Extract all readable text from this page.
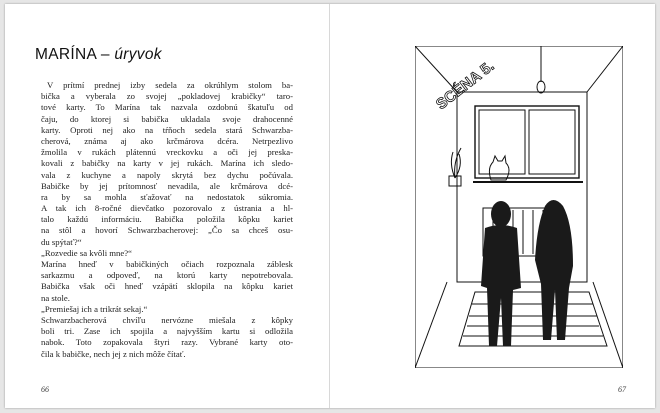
MARÍNA – úryvok
V prítmí prednej izby sedela za okrúhlym stolom ba-
bička a vyberala zo svojej „pokladovej krabičky“ taro-
tové karty. To Marína tak nazvala ozdobnú škatuľu od
čaju, do ktorej si babička ukladala svoje drahocenné
karty. Oproti nej ako na tŕňoch sedela stará Schwarzba-
cherová, známa aj ako krčmárova dcéra. Netrpezlivo
žmolila v rukách plátennú vreckovku a oči jej preska-
kovali z babičky na karty v jej rukách. Marína ich sledo-
vala z kuchyne a napoly skrytá bez dychu počúvala.
Babičke by jej prítomnosť nevadila, ale krčmárova dcé-
ra by sa mohla sťažovať na nedostatok súkromia.
A tak ich 8-ročné dievčatko pozorovalo z ústrania a hl-
talo každú informáciu. Babička položila kôpku kariet
na stôl a hovorí Schwarzbacherovej: „Čo sa chceš osu-
du spýtať?“
„Rozvedie sa kvôli mne?“
Marína hneď v babičkiných očiach rozpoznala záblesk
sarkazmu a odpoveď, na ktorú karty nepotrebovala.
Babička však oči hneď vzápätí sklopila na kôpku kariet
na stole.
„Premiešaj ich a trikrát sekaj.“
Schwarzbacherová chvíľu nervózne miešala z kôpky
boli tri. Zase ich spojila a najvyšším kartu si odložila
nabok. Toto zopakovala štyri razy. Vybrané karty oto-
čila k babičke, nech jej z nich môže čítať.
66
SCÉNA 5.
67
